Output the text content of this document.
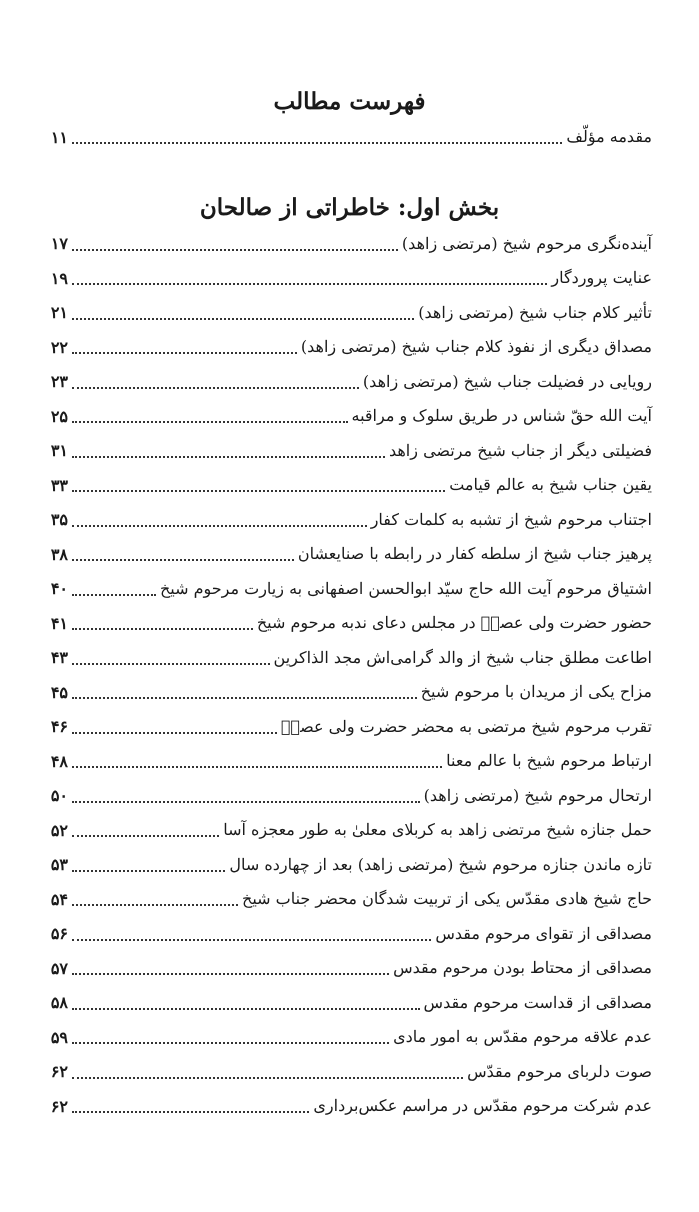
فهرست مطالب
مقدمه مؤلّف
۱۱
بخش اول: خاطراتی از صالحان
آینده‌نگری مرحوم شیخ (مرتضی زاهد)
۱۷
عنایت پروردگار
۱۹
تأثیر کلام جناب شیخ (مرتضی زاهد)
۲۱
مصداق دیگری از نفوذ کلام جناب شیخ (مرتضی زاهد)
۲۲
رویایی در فضیلت جناب شیخ (مرتضی زاهد)
۲۳
آیت الله حقّ شناس در طریق سلوک و مراقبه
۲۵
فضیلتی دیگر از جناب شیخ مرتضی زاهد
۳۱
یقین جناب شیخ به عالم قیامت
۳۳
اجتناب مرحوم شیخ از تشبه به کلمات کفار
۳۵
پرهیز جناب شیخ از سلطه کفار در رابطه با صنایعشان
۳۸
اشتیاق مرحوم آیت الله حاج سیّد ابوالحسن اصفهانی به زیارت مرحوم شیخ
۴۰
حضور حضرت ولی عصرؑ در مجلس دعای ندبه مرحوم شیخ
۴۱
اطاعت مطلق جناب شیخ از والد گرامی‌اش مجد الذاکرین
۴۳
مزاح یکی از مریدان با مرحوم شیخ
۴۵
تقرب مرحوم شیخ مرتضی به محضر حضرت ولی عصرؑ
۴۶
ارتباط مرحوم شیخ با عالم معنا
۴۸
ارتحال مرحوم شیخ (مرتضی زاهد)
۵۰
حمل جنازه شیخ مرتضی زاهد به کربلای معلیٰ به طور معجزه آسا
۵۲
تازه ماندن جنازه مرحوم شیخ (مرتضی زاهد) بعد از چهارده سال
۵۳
حاج شیخ هادی مقدّس یکی از تربیت شدگان محضر جناب شیخ
۵۴
مصداقی از تقوای مرحوم مقدس
۵۶
مصداقی از محتاط بودن مرحوم مقدس
۵۷
مصداقی از قداست مرحوم مقدس
۵۸
عدم علاقه مرحوم مقدّس به امور مادی
۵۹
صوت دلربای مرحوم مقدّس
۶۲
عدم شرکت مرحوم مقدّس در مراسم عکس‌برداری
۶۲
